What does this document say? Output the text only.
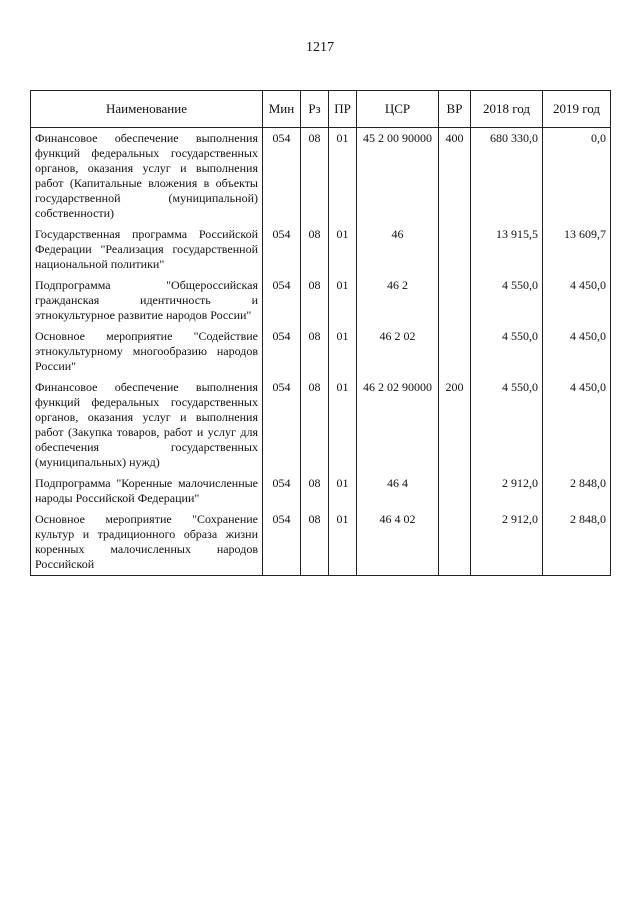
1217
Наименование	Мин	Рз	ПР	ЦСР	ВР	2018 год	2019 год
Финансовое обеспечение выполнения функций федеральных государственных органов, оказания услуг и выполнения работ (Капитальные вложения в объекты государственной (муниципальной) собственности)	054	08	01	45 2 00 90000	400	680 330,0	0,0
Государственная программа Российской Федерации "Реализация государственной национальной политики"	054	08	01	46		13 915,5	13 609,7
Подпрограмма "Общероссийская гражданская идентичность и этнокультурное развитие народов России"	054	08	01	46 2		4 550,0	4 450,0
Основное мероприятие "Содействие этнокультурному многообразию народов России"	054	08	01	46 2 02		4 550,0	4 450,0
Финансовое обеспечение выполнения функций федеральных государственных органов, оказания услуг и выполнения работ (Закупка товаров, работ и услуг для обеспечения государственных (муниципальных) нужд)	054	08	01	46 2 02 90000	200	4 550,0	4 450,0
Подпрограмма "Коренные малочисленные народы Российской Федерации"	054	08	01	46 4		2 912,0	2 848,0
Основное мероприятие "Сохранение культур и традиционного образа жизни коренных малочисленных народов Российской	054	08	01	46 4 02		2 912,0	2 848,0
